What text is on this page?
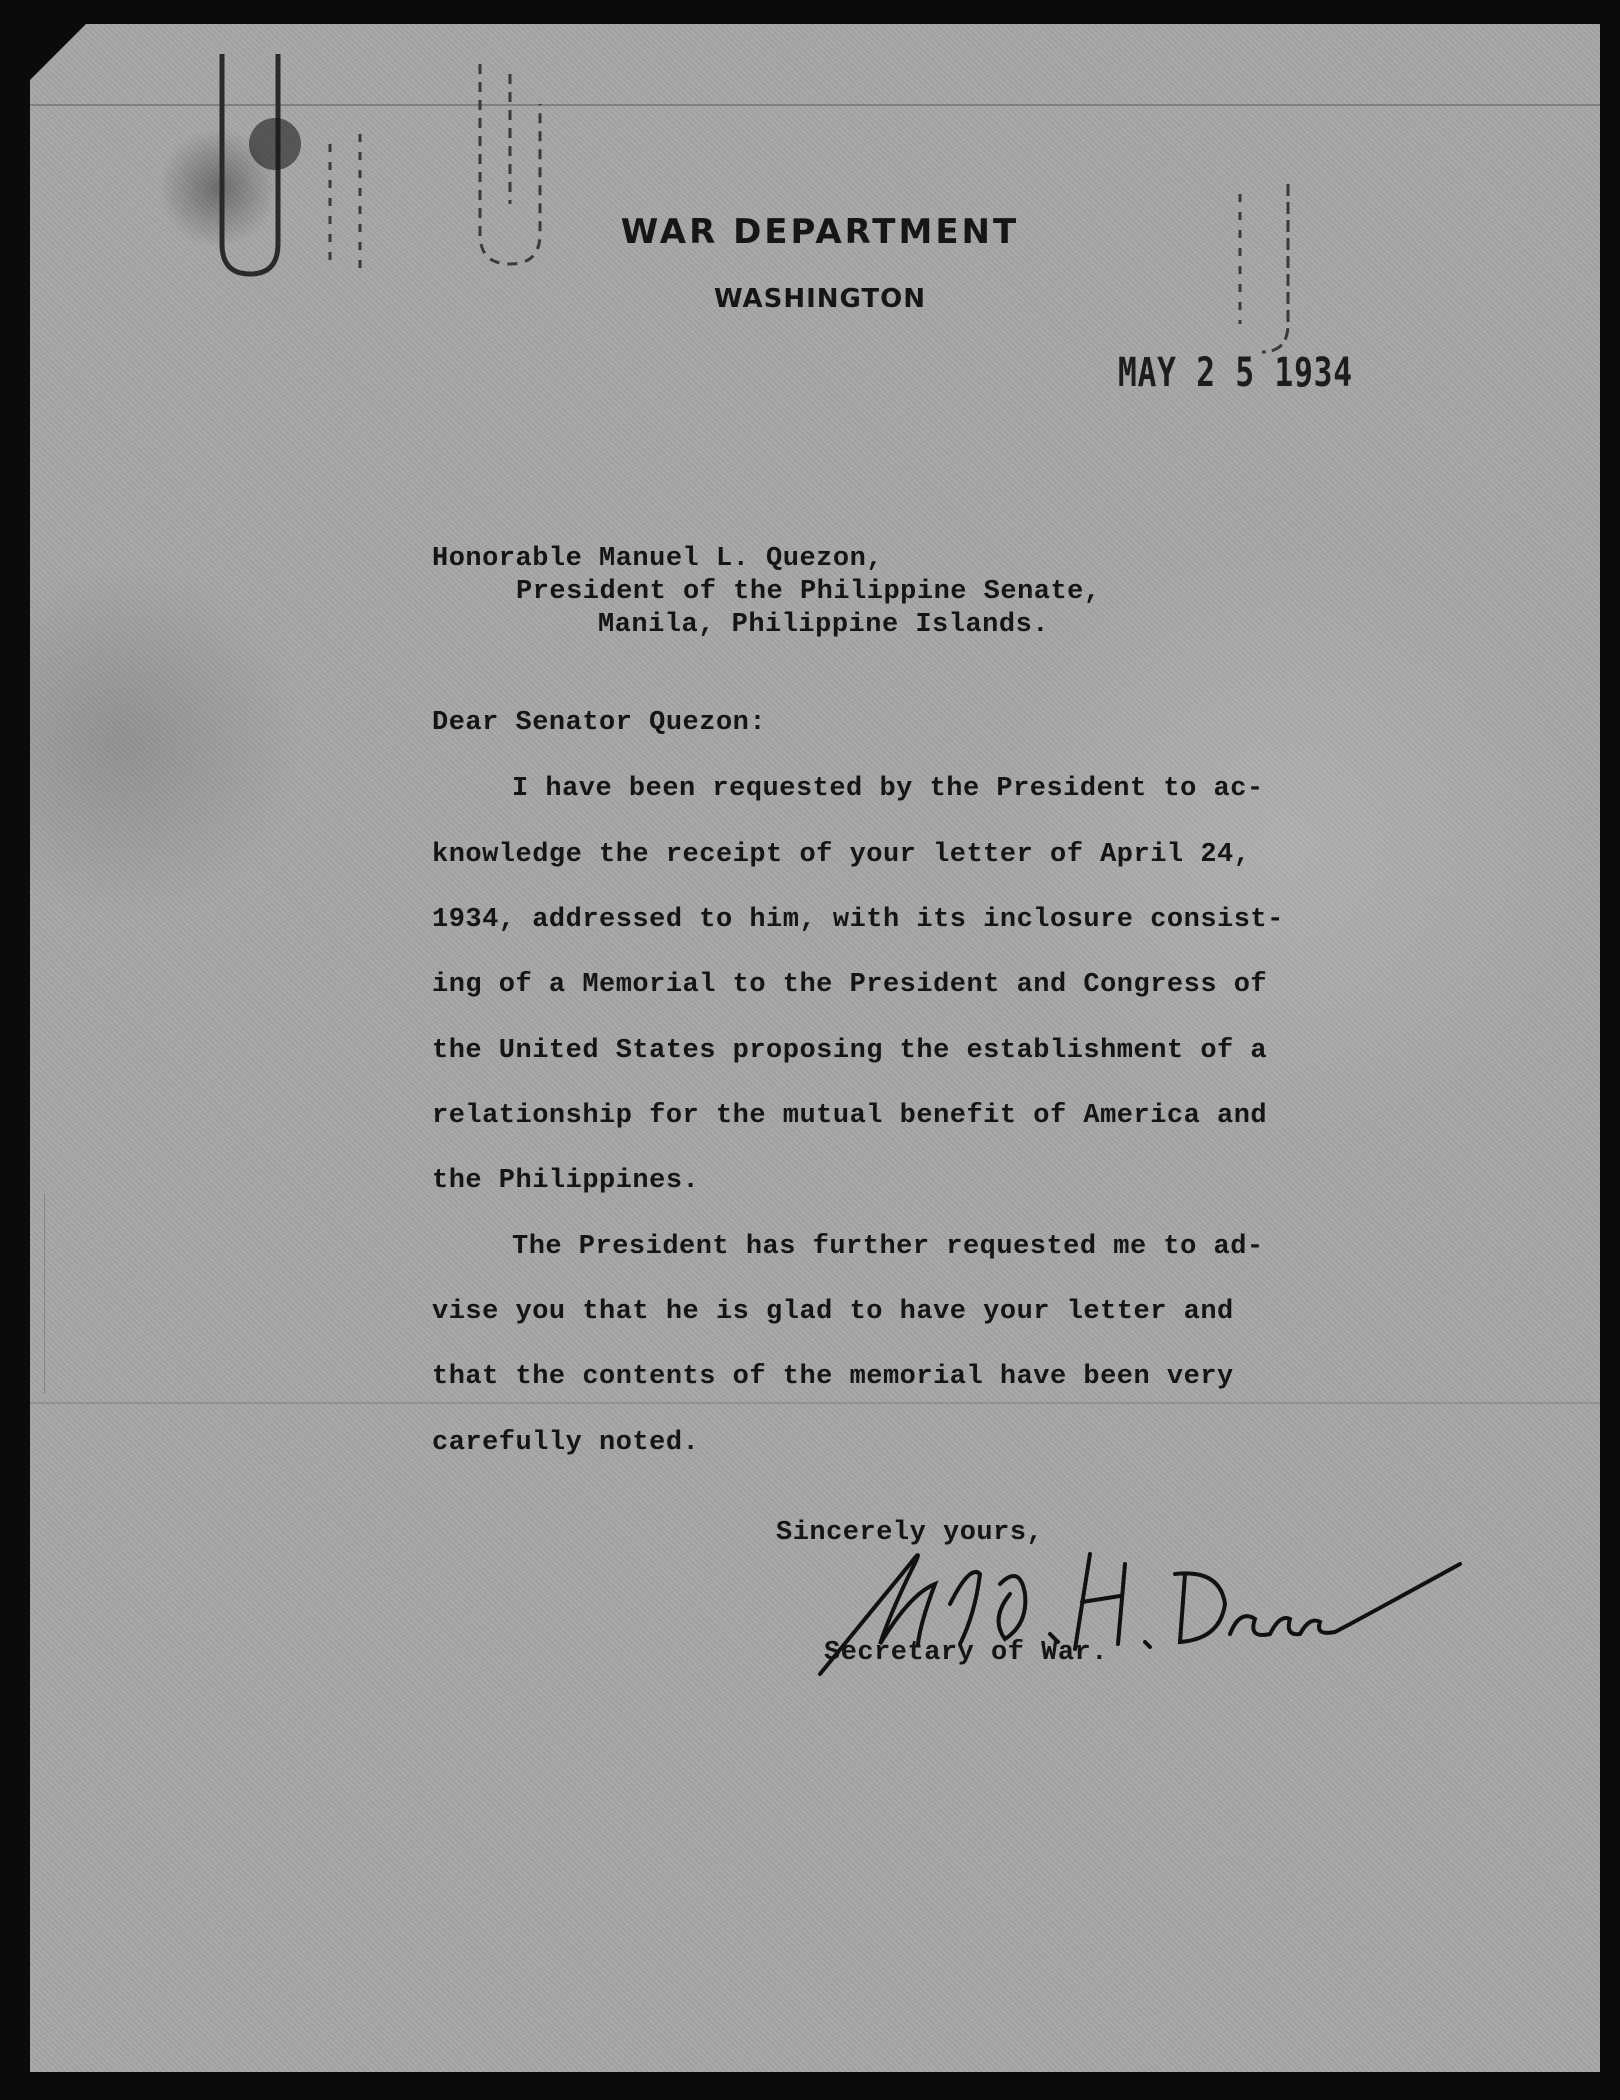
WAR DEPARTMENT
WASHINGTON
MAY 2 5 1934
Honorable Manuel L. Quezon,
President of the Philippine Senate,
Manila, Philippine Islands.
Dear Senator Quezon:
I have been requested by the President to ac-
knowledge the receipt of your letter of April 24,
1934, addressed to him, with its inclosure consist-
ing of a Memorial to the President and Congress of
the United States proposing the establishment of a
relationship for the mutual benefit of America and
the Philippines.
The President has further requested me to ad-
vise you that he is glad to have your letter and
that the contents of the memorial have been very
carefully noted.
Sincerely yours,
Secretary of War.
